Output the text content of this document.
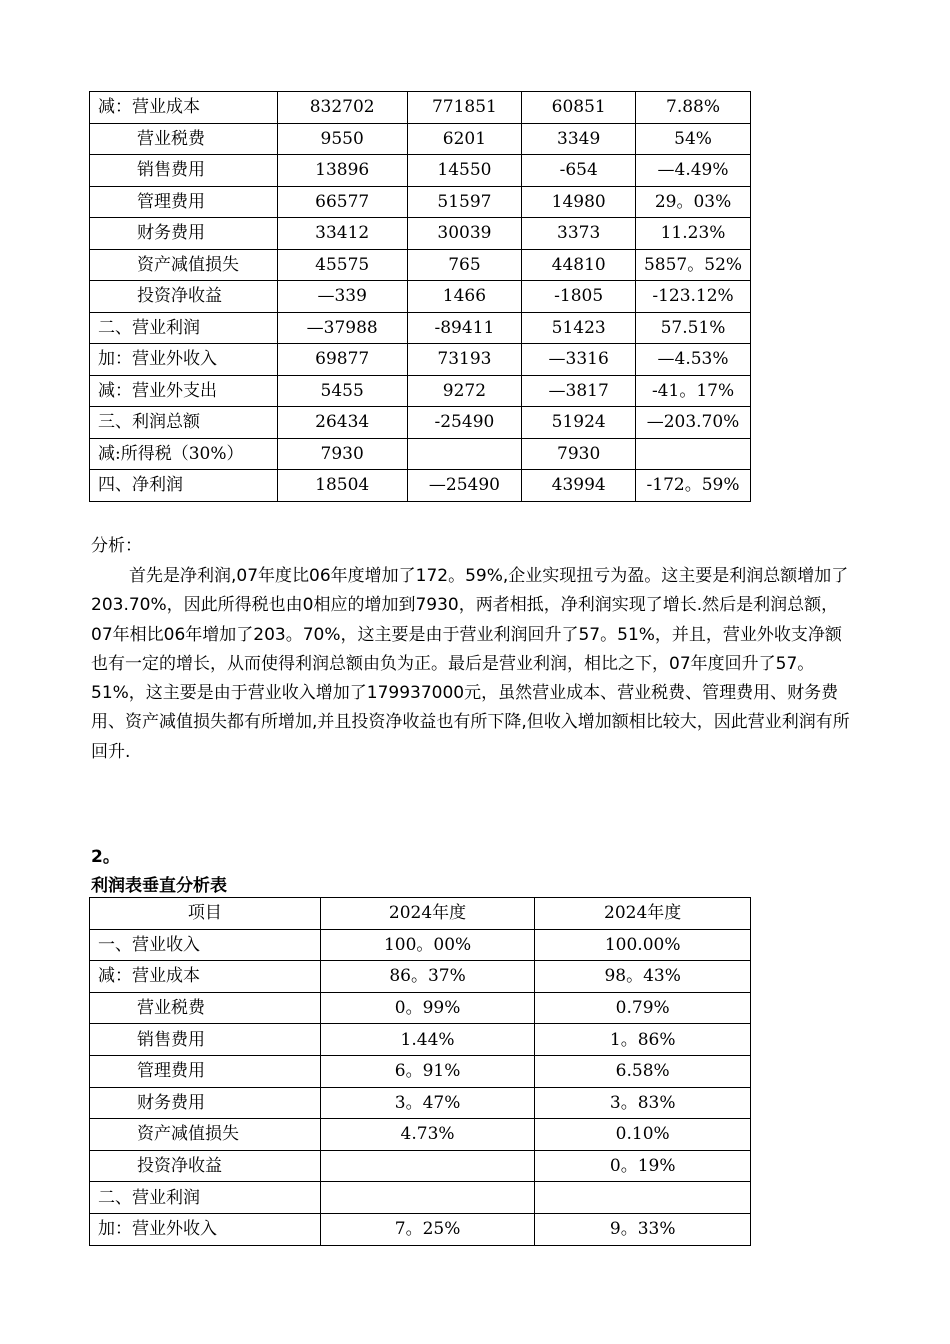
减：营业成本	832702	771851	60851	7.88%
营业税费	9550	6201	3349	54%
销售费用	13896	14550	-654	—4.49%
管理费用	66577	51597	14980	29。03%
财务费用	33412	30039	3373	11.23%
资产减值损失	45575	765	44810	5857。52%
投资净收益	—339	1466	-1805	-123.12%
二、营业利润	—37988	-89411	51423	57.51%
加：营业外收入	69877	73193	—3316	—4.53%
减：营业外支出	5455	9272	—3817	-41。17%
三、利润总额	26434	-25490	51924	—203.70%
减:所得税（30%）	7930		7930	
四、净利润	18504	—25490	43994	-172。59%
分析：
首先是净利润,07年度比06年度增加了172。59%,企业实现扭亏为盈。这主要是利润总额增加了203.70%，因此所得税也由0相应的增加到7930，两者相抵，净利润实现了增长.然后是利润总额，07年相比06年增加了203。70%，这主要是由于营业利润回升了57。51%，并且，营业外收支净额也有一定的增长，从而使得利润总额由负为正。最后是营业利润，相比之下，07年度回升了57。51%，这主要是由于营业收入增加了179937000元，虽然营业成本、营业税费、管理费用、财务费用、资产减值损失都有所增加,并且投资净收益也有所下降,但收入增加额相比较大，因此营业利润有所回升.
2。
利润表垂直分析表
项目	2024年度	2024年度
一、营业收入	100。00%	100.00%
减：营业成本	86。37%	98。43%
营业税费	0。99%	0.79%
销售费用	1.44%	1。86%
管理费用	6。91%	6.58%
财务费用	3。47%	3。83%
资产减值损失	4.73%	0.10%
投资净收益		0。19%
二、营业利润		
加：营业外收入	7。25%	9。33%
